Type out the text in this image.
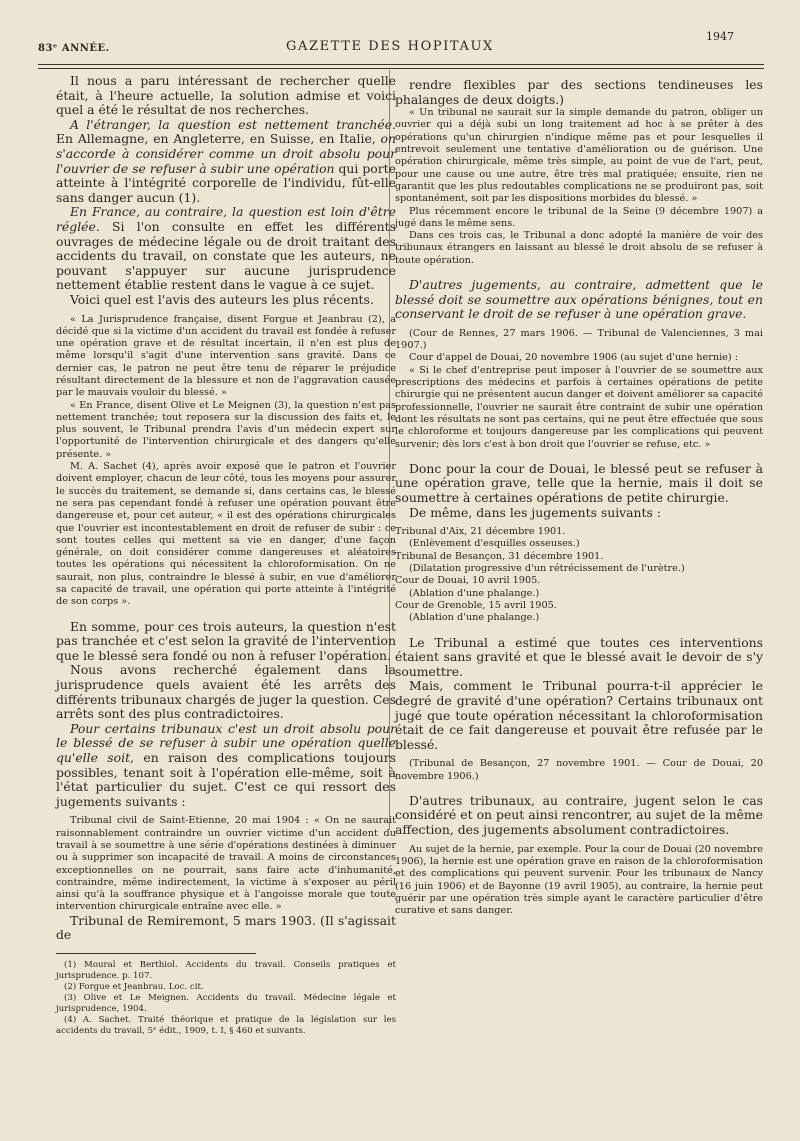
83ᵉ ANNÉE.	GAZETTE DES HOPITAUX
1947

Il nous a paru intéressant de rechercher quelle était, à l'heure actuelle, la solution admise et voici quel a été le résultat de nos recherches.

A l'étranger, la question est nettement tranchée. En Allemagne, en Angleterre, en Suisse, en Italie, on s'accorde à considérer comme un droit absolu pour l'ouvrier de se refuser à subir une opération qui porte atteinte à l'intégrité corporelle de l'individu, fût-elle sans danger aucun (1).

En France, au contraire, la question est loin d'être réglée. Si l'on consulte en effet les différents ouvrages de médecine légale ou de droit traitant des accidents du travail, on constate que les auteurs, ne pouvant s'appuyer sur aucune jurisprudence nettement établie restent dans le vague à ce sujet.

Voici quel est l'avis des auteurs les plus récents.

« La Jurisprudence française, disent Forgue et Jeanbrau (2), a décidé que si la victime d'un accident du travail est fondée à refuser une opération grave et de résultat incertain, il n'en est plus de même lorsqu'il s'agit d'une intervention sans gravité. Dans ce dernier cas, le patron ne peut être tenu de réparer le préjudice résultant directement de la blessure et non de l'aggravation causée par le mauvais vouloir du blessé. »

« En France, disent Olive et Le Meignen (3), la question n'est pas nettement tranchée; tout reposera sur la discussion des faits et, le plus souvent, le Tribunal prendra l'avis d'un médecin expert sur l'opportunité de l'intervention chirurgicale et des dangers qu'elle présente. »

M. A. Sachet (4), après avoir exposé que le patron et l'ouvrier doivent employer, chacun de leur côté, tous les moyens pour assurer le succès du traitement, se demande si, dans certains cas, le blessé ne sera pas cependant fondé à refuser une opération pouvant être dangereuse et, pour cet auteur, « il est des opérations chirurgicales que l'ouvrier est incontestablement en droit de refuser de subir : ce sont toutes celles qui mettent sa vie en danger, d'une façon générale, on doit considérer comme dangereuses et aléatoires toutes les opérations qui nécessitent la chloroformisation. On ne saurait, non plus, contraindre le blessé à subir, en vue d'améliorer sa capacité de travail, une opération qui porte atteinte à l'intégrité de son corps ».

En somme, pour ces trois auteurs, la question n'est pas tranchée et c'est selon la gravité de l'intervention que le blessé sera fondé ou non à refuser l'opération.

Nous avons recherché également dans la jurisprudence quels avaient été les arrêts des différents tribunaux chargés de juger la question. Ces arrêts sont des plus contradictoires.

Pour certains tribunaux c'est un droit absolu pour le blessé de se refuser à subir une opération quelle qu'elle soit, en raison des complications toujours possibles, tenant soit à l'opération elle-même, soit à l'état particulier du sujet. C'est ce qui ressort des jugements suivants :

Tribunal civil de Saint-Etienne, 20 mai 1904 : « On ne saurait raisonnablement contraindre un ouvrier victime d'un accident du travail à se soumettre à une série d'opérations destinées à diminuer ou à supprimer son incapacité de travail. A moins de circonstances exceptionnelles on ne pourrait, sans faire acte d'inhumanité, contraindre, même indirectement, la victime à s'exposer au péril ainsi qu'à la souffrance physique et à l'angoisse morale que toute intervention chirurgicale entraîne avec elle. »

Tribunal de Remiremont, 5 mars 1903. (Il s'agissait de

(1) Moural et Berthiol. Accidents du travail. Conseils pratiques et jurisprudence. p. 107.

(2) Forgue et Jeanbrau. Loc. cit.

(3) Olive et Le Meignen. Accidents du travail. Médecine légale et jurisprudence, 1904.

(4) A. Sachet. Traité théorique et pratique de la législation sur les accidents du travail, 5ᵉ édit., 1909, t. I, § 460 et suivants.

rendre flexibles par des sections tendineuses les phalanges de deux doigts.)

« Un tribunal ne saurait sur la simple demande du patron, obliger un ouvrier qui a déjà subi un long traitement ad hoc à se prêter à des opérations qu'un chirurgien n'indique même pas et pour lesquelles il entrevoit seulement une tentative d'amélioration ou de guérison. Une opération chirurgicale, même très simple, au point de vue de l'art, peut, pour une cause ou une autre, être très mal pratiquée; ensuite, rien ne garantit que les plus redoutables complications ne se produiront pas, soit spontanément, soit par les dispositions morbides du blessé. »

Plus récemment encore le tribunal de la Seine (9 décembre 1907) a jugé dans le même sens.

Dans ces trois cas, le Tribunal a donc adopté la manière de voir des tribunaux étrangers en laissant au blessé le droit absolu de se refuser à toute opération.

D'autres jugements, au contraire, admettent que le blessé doit se soumettre aux opérations bénignes, tout en conservant le droit de se refuser à une opération grave.

(Cour de Rennes, 27 mars 1906. — Tribunal de Valenciennes, 3 mai 1907.)

Cour d'appel de Douai, 20 novembre 1906 (au sujet d'une hernie) :

« Si le chef d'entreprise peut imposer à l'ouvrier de se soumettre aux prescriptions des médecins et parfois à certaines opérations de petite chirurgie qui ne présentent aucun danger et doivent améliorer sa capacité professionnelle, l'ouvrier ne saurait être contraint de subir une opération dont les résultats ne sont pas certains, qui ne peut être effectuée que sous le chloroforme et toujours dangereuse par les complications qui peuvent survenir; dès lors c'est à bon droit que l'ouvrier se refuse, etc. »

Donc pour la cour de Douai, le blessé peut se refuser à une opération grave, telle que la hernie, mais il doit se soumettre à certaines opérations de petite chirurgie.

De même, dans les jugements suivants :

Tribunal d'Aix, 21 décembre 1901.

(Enlèvement d'esquilles osseuses.)

Tribunal de Besançon, 31 décembre 1901.

(Dilatation progressive d'un rétrécissement de l'urètre.)

Cour de Douai, 10 avril 1905.

(Ablation d'une phalange.)

Cour de Grenoble, 15 avril 1905.

(Ablation d'une phalange.)

Le Tribunal a estimé que toutes ces interventions étaient sans gravité et que le blessé avait le devoir de s'y soumettre.

Mais, comment le Tribunal pourra-t-il apprécier le degré de gravité d'une opération? Certains tribunaux ont jugé que toute opération nécessitant la chloroformisation était de ce fait dangereuse et pouvait être refusée par le blessé.

(Tribunal de Besançon, 27 novembre 1901. — Cour de Douai, 20 novembre 1906.)

D'autres tribunaux, au contraire, jugent selon le cas considéré et on peut ainsi rencontrer, au sujet de la même affection, des jugements absolument contradictoires.

Au sujet de la hernie, par exemple. Pour la cour de Douai (20 novembre 1906), la hernie est une opération grave en raison de la chloroformisation et des complications qui peuvent survenir. Pour les tribunaux de Nancy (16 juin 1906) et de Bayonne (19 avril 1905), au contraire, la hernie peut guérir par une opération très simple ayant le caractère particulier d'être curative et sans danger.
